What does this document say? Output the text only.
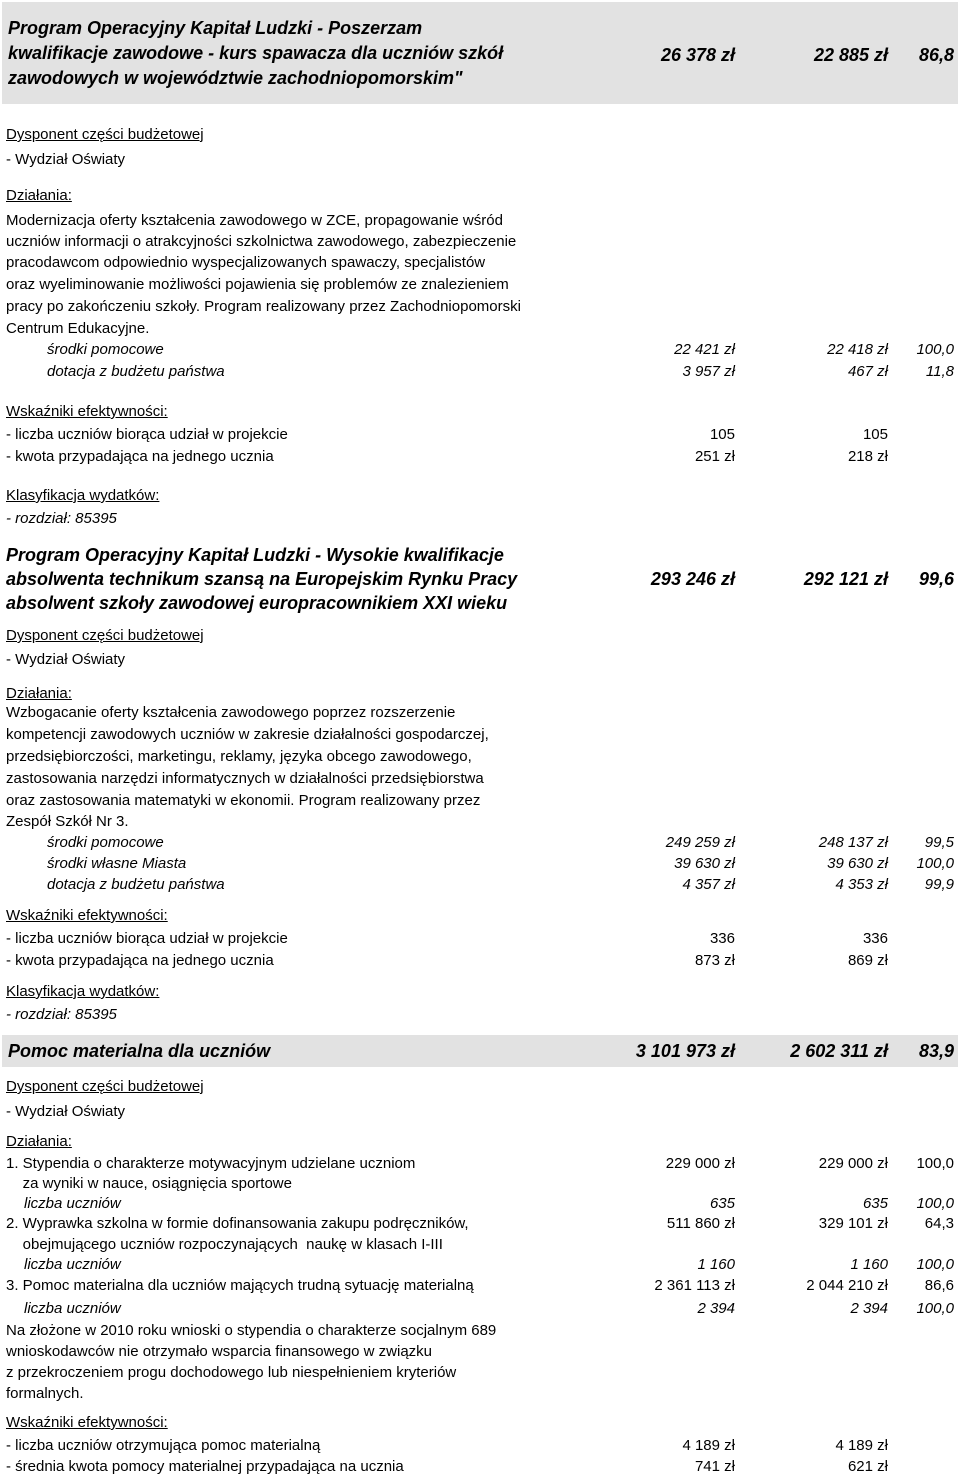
Program Operacyjny Kapitał Ludzki - Poszerzam
kwalifikacje zawodowe - kurs spawacza dla uczniów szkół
zawodowych w województwie zachodniopomorskim"
26 378 zł	22 885 zł 86,8
Dysponent części budżetowej
- Wydział Oświaty
Działania:
Modernizacja oferty kształcenia zawodowego w ZCE, propagowanie wśród
uczniów informacji o atrakcyjności szkolnictwa zawodowego, zabezpieczenie
pracodawcom odpowiednio wyspecjalizowanych spawaczy, specjalistów
oraz wyeliminowanie możliwości pojawienia się problemów ze znalezieniem
pracy po zakończeniu szkoły. Program realizowany przez Zachodniopomorski
Centrum Edukacyjne.
środki pomocowe	22 421 zł	22 418 zł 100,0
dotacja z budżetu państwa	3 957 zł	467 zł	11,8
Wskaźniki efektywności:
- liczba uczniów biorąca udział w projekcie	105	105
- kwota przypadająca na jednego ucznia	251 zł	218 zł
Klasyfikacja wydatków:
- rozdział: 85395
Program Operacyjny Kapitał Ludzki - Wysokie kwalifikacje
absolwenta technikum szansą na Europejskim Rynku Pracy
absolwent szkoły zawodowej europracownikiem XXI wieku
293 246 zł	292 121 zł 99,6
Dysponent części budżetowej
- Wydział Oświaty
Działania:
Wzbogacanie oferty kształcenia zawodowego poprzez rozszerzenie
kompetencji zawodowych uczniów w zakresie działalności gospodarczej,
przedsiębiorczości, marketingu, reklamy, języka obcego zawodowego,
zastosowania narzędzi informatycznych w działalności przedsiębiorstwa
oraz zastosowania matematyki w ekonomii. Program realizowany przez
Zespół Szkół Nr 3.
środki pomocowe	249 259 zł	248 137 zł 99,5
środki własne Miasta	39 630 zł	39 630 zł 100,0
dotacja z budżetu państwa	4 357 zł	4 353 zł 99,9
Wskaźniki efektywności:
- liczba uczniów biorąca udział w projekcie	336	336
- kwota przypadająca na jednego ucznia	873 zł	869 zł
Klasyfikacja wydatków:
- rozdział: 85395
Pomoc materialna dla uczniów	3 101 973 zł	2 602 311 zł 83,9
Dysponent części budżetowej
- Wydział Oświaty
Działania:
1. Stypendia o charakterze motywacyjnym udzielane uczniom	229 000 zł	229 000 zł 100,0
za wyniki w nauce, osiągnięcia sportowe
liczba uczniów	635	635 100,0
2. Wyprawka szkolna w formie dofinansowania zakupu podręczników,	511 860 zł	329 101 zł 64,3
obejmującego uczniów rozpoczynających  naukę w klasach I-III
liczba uczniów	1 160	1 160 100,0
3. Pomoc materialna dla uczniów mających trudną sytuację materialną	2 361 113 zł	2 044 210 zł 86,6
liczba uczniów	2 394	2 394 100,0
Na złożone w 2010 roku wnioski o stypendia o charakterze socjalnym 689
wnioskodawców nie otrzymało wsparcia finansowego w związku
z przekroczeniem progu dochodowego lub niespełnieniem kryteriów
formalnych.
Wskaźniki efektywności:
- liczba uczniów otrzymująca pomoc materialną	4 189 zł	4 189 zł
- średnia kwota pomocy materialnej przypadająca na ucznia	741 zł	621 zł
